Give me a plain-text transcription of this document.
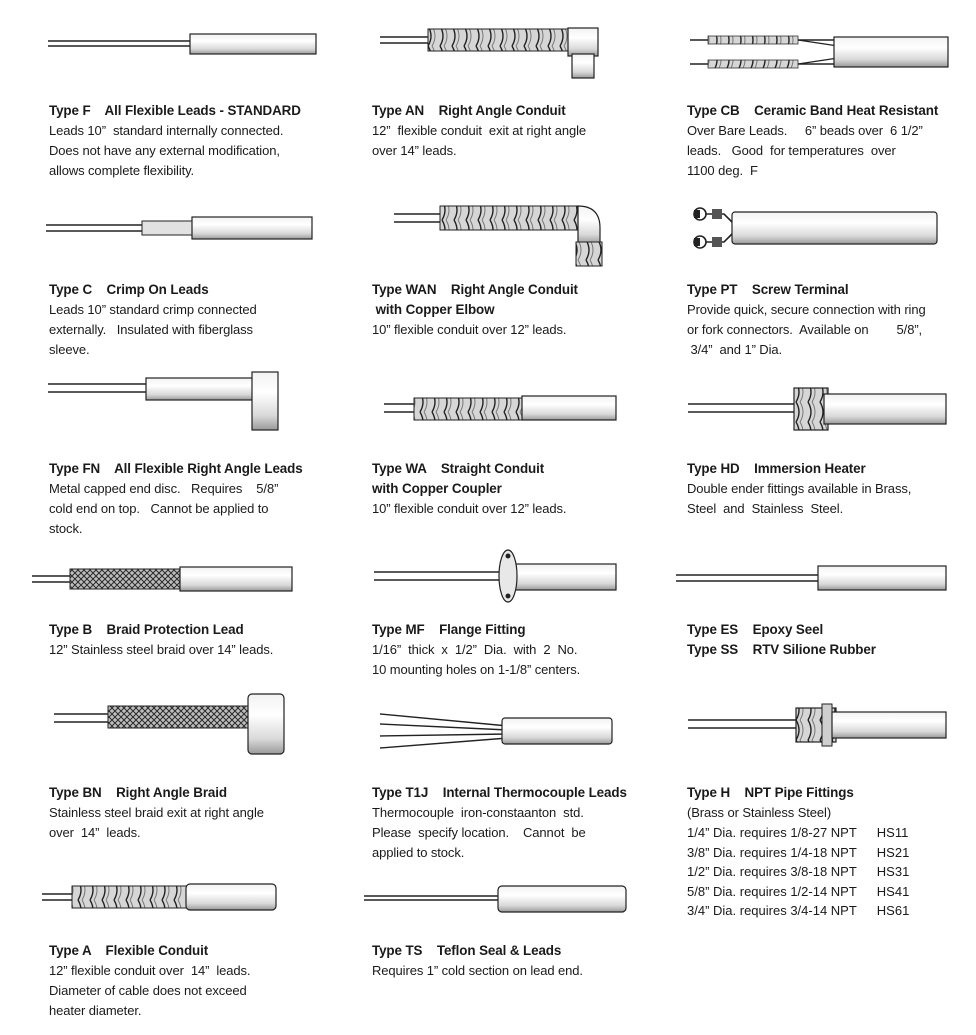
Type F    All Flexible Leads - STANDARD
Leads 10”  standard internally connected.
Does not have any external modification,
allows complete flexibility.
Type AN    Right Angle Conduit
12”  flexible conduit  exit at right angle
over 14” leads.
Type CB    Ceramic Band Heat Resistant
Over Bare Leads.     6” beads over  6 1/2”
leads.   Good  for temperatures  over
1100 deg.  F
Type C    Crimp On Leads
Leads 10” standard crimp connected
externally.   Insulated with fiberglass
sleeve.
Type WAN    Right Angle Conduit
with Copper Elbow
10” flexible conduit over 12” leads.
Type PT    Screw Terminal
Provide quick, secure connection with ring
or fork connectors.  Available on        5/8”,
3/4”  and 1” Dia.
Type FN    All Flexible Right Angle Leads
Metal capped end disc.   Requires    5/8”
cold end on top.   Cannot be applied to
stock.
Type WA    Straight Conduit
with Copper Coupler
10” flexible conduit over 12” leads.
Type HD    Immersion Heater
Double ender fittings available in Brass,
Steel  and  Stainless  Steel.
Type B    Braid Protection Lead
12” Stainless steel braid over 14” leads.
Type MF    Flange Fitting
1/16”  thick  x  1/2”  Dia.  with  2  No.
10 mounting holes on 1-1/8” centers.
Type ES    Epoxy Seel
Type SS    RTV Silione Rubber
Type BN    Right Angle Braid
Stainless steel braid exit at right angle
over  14”  leads.
Type T1J    Internal Thermocouple Leads
Thermocouple  iron-constaanton  std.
Please  specify location.    Cannot  be
applied to stock.
Type H    NPT Pipe Fittings
(Brass or Stainless Steel)
1/4” Dia. requires 1/8-27 NPT HS11
3/8” Dia. requires 1/4-18 NPT HS21
1/2” Dia. requires 3/8-18 NPT HS31
5/8” Dia. requires 1/2-14 NPT HS41
3/4” Dia. requires 3/4-14 NPT HS61
Type A    Flexible Conduit
12” flexible conduit over  14”  leads.
Diameter of cable does not exceed
heater diameter.
Type TS    Teflon Seal & Leads
Requires 1” cold section on lead end.
